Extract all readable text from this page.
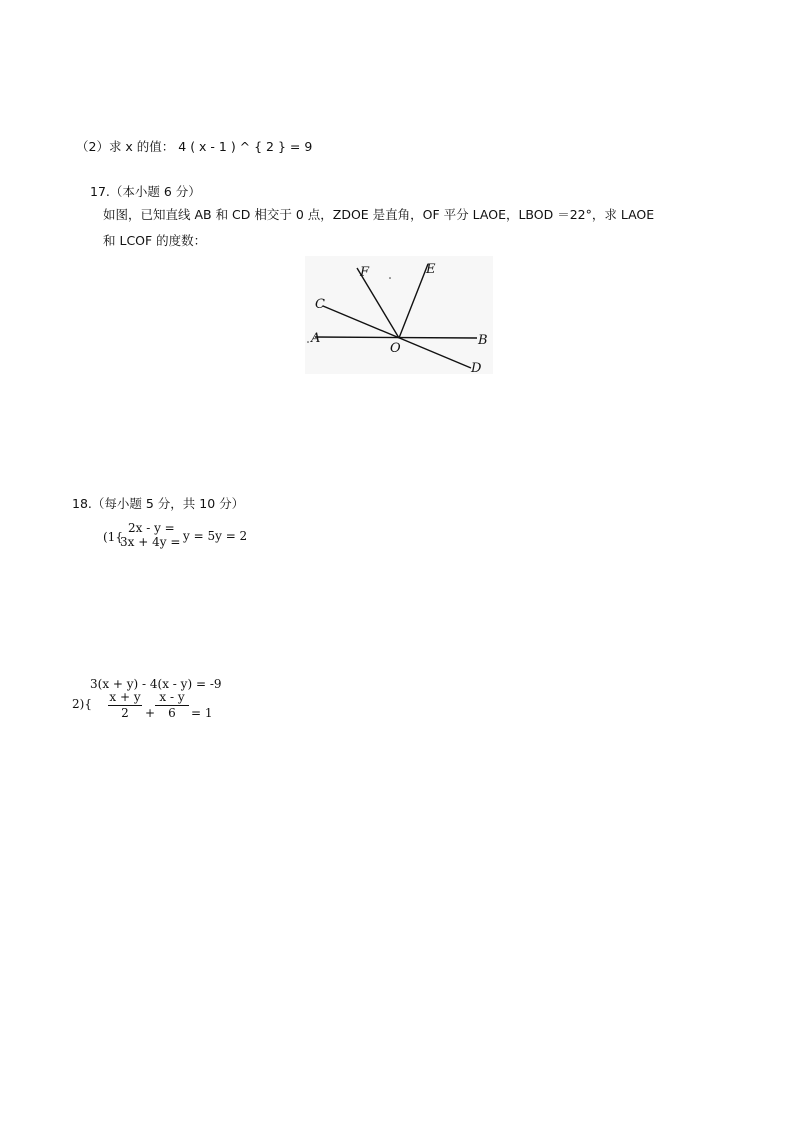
（2）求 x 的值： 4 ( x - 1 ) ^ { 2 } = 9
17.（本小题 6 分）
如图，已知直线 AB 和 CD 相交于 0 点，ZDOE 是直角，OF 平分 LAOE，LBOD ＝22°，求 LAOE
和 LCOF 的度数：
A	B
C
D
E
F
O
18.（每小题 5 分，共 10 分）
(1{
2x - y =
3x + 4y = y = 5y = 2
3(x + y) - 4(x - y) = -9
$2)\{ \frac{x + y}{2} + \frac{x - y}{6} = 1$
